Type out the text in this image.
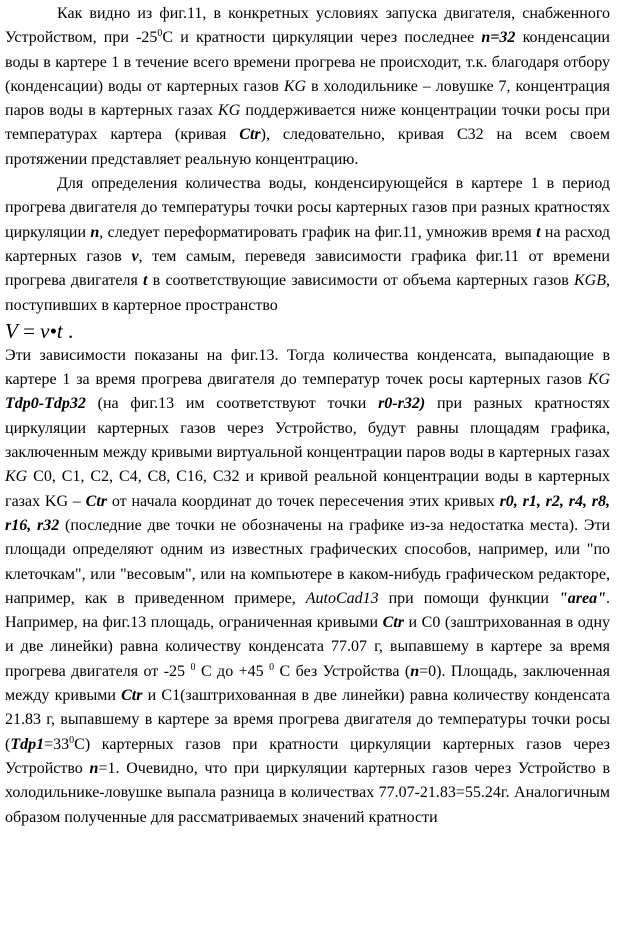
Как видно из фиг.11, в конкретных условиях запуска двигателя, снабженного Устройством, при $-25^0С$ и кратности циркуляции через последнее n=32 конденсации воды в картере 1 в течение всего времени прогрева не происходит, т.к. благодаря отбору (конденсации) воды от картерных газов KG в холодильнике – ловушке 7, концентрация паров воды в картерных газах KG поддерживается ниже концентрации точки росы при температурах картера (кривая Ctr), следовательно, кривая С32 на всем своем протяжении представляет реальную концентрацию.

Для определения количества воды, конденсирующейся в картере 1 в период прогрева двигателя до температуры точки росы картерных газов при разных кратностях циркуляции n, следует переформатировать график на фиг.11, умножив время t на расход картерных газов v, тем самым, переведя зависимости графика фиг.11 от времени прогрева двигателя t в соответствующие зависимости от объема картерных газов KGB, поступивших в картерное пространство

V = v•t .

Эти зависимости показаны на фиг.13. Тогда количества конденсата, выпадающие в картере 1 за время прогрева двигателя до температур точек росы картерных газов KG Tdp0-Tdp32 (на фиг.13 им соответствуют точки r0-r32) при разных кратностях циркуляции картерных газов через Устройство, будут равны площадям графика, заключенным между кривыми виртуальной концентрации паров воды в картерных газах KG С0, С1, С2, С4, С8, С16, С32 и кривой реальной концентрации воды в картерных газах KG – Ctr от начала координат до точек пересечения этих кривых r0, r1, r2, r4, r8, r16, r32 (последние две точки не обозначены на графике из-за недостатка места). Эти площади определяют одним из известных графических способов, например, или "по клеточкам", или "весовым", или на компьютере в каком-нибудь графическом редакторе, например, как в приведенном примере, AutoCad13 при помощи функции "area". Например, на фиг.13 площадь, ограниченная кривыми Ctr и С0 (заштрихованная в одну и две линейки) равна количеству конденсата 77.07 г, выпавшему в картере за время прогрева двигателя от -25 $^0$ С до +45 $^0$ С без Устройства (n=0). Площадь, заключенная между кривыми Ctr и С1(заштрихованная в две линейки) равна количеству конденсата 21.83 г, выпавшему в картере за время прогрева двигателя до температуры точки росы $(Tdp1=33^0С)$ картерных газов при кратности циркуляции картерных газов через Устройство n=1. Очевидно, что при циркуляции картерных газов через Устройство в холодильнике-ловушке выпала разница в количествах 77.07-21.83=55.24г. Аналогичным образом полученные для рассматриваемых значений кратности
